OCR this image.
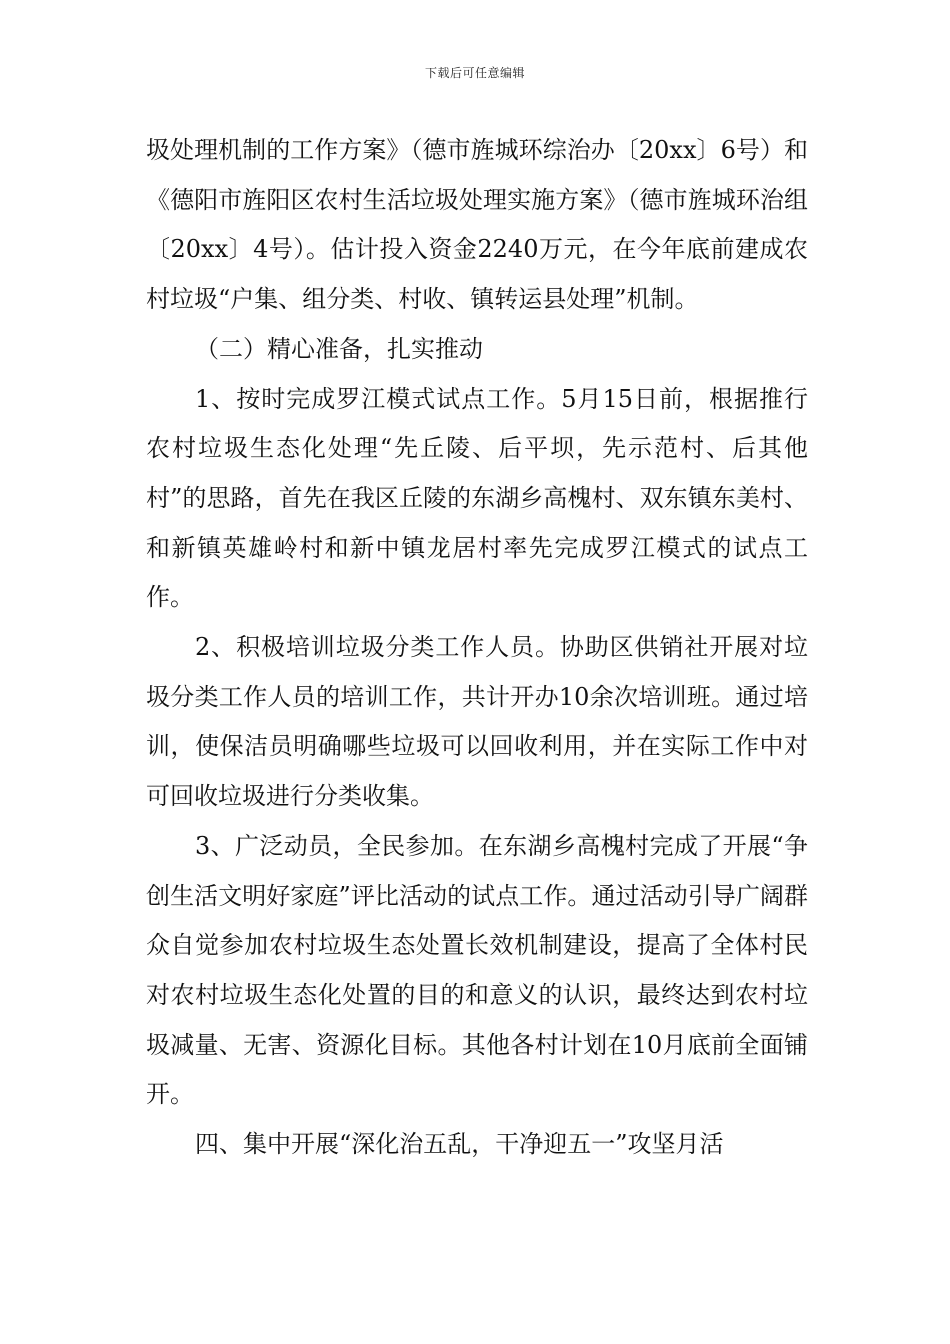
下载后可任意编辑

圾处理机制的工作方案》（德市旌城环综治办〔20xx〕6号）和《德阳市旌阳区农村生活垃圾处理实施方案》（德市旌城环治组〔20xx〕4号）。估计投入资金2240万元，在今年底前建成农村垃圾“户集、组分类、村收、镇转运县处理”机制。

（二）精心准备，扎实推动

1、按时完成罗江模式试点工作。5月15日前，根据推行农村垃圾生态化处理“先丘陵、后平坝，先示范村、后其他村”的思路，首先在我区丘陵的东湖乡高槐村、双东镇东美村、和新镇英雄岭村和新中镇龙居村率先完成罗江模式的试点工作。

2、积极培训垃圾分类工作人员。协助区供销社开展对垃圾分类工作人员的培训工作，共计开办10余次培训班。通过培训，使保洁员明确哪些垃圾可以回收利用，并在实际工作中对可回收垃圾进行分类收集。

3、广泛动员，全民参加。在东湖乡高槐村完成了开展“争创生活文明好家庭”评比活动的试点工作。通过活动引导广阔群众自觉参加农村垃圾生态处置长效机制建设，提高了全体村民对农村垃圾生态化处置的目的和意义的认识，最终达到农村垃圾减量、无害、资源化目标。其他各村计划在10月底前全面铺开。

四、集中开展“深化治五乱，干净迎五一”攻坚月活
